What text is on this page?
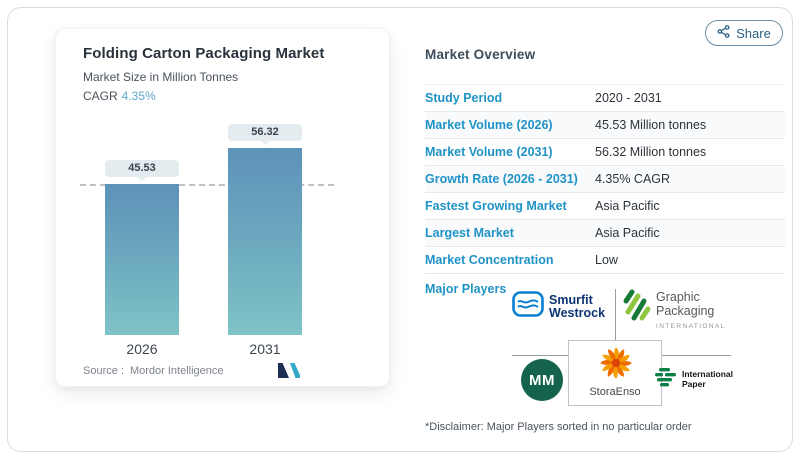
Folding Carton Packaging Market
Market Size in Million Tonnes
CAGR 4.35%
45.53
56.32
2026	2031
Source : Mordor Intelligence
Share
Market Overview
Study Period	2020 - 2031
Market Volume (2026)	45.53 Million tonnes
Market Volume (2031)	56.32 Million tonnes
Growth Rate (2026 - 2031)	4.35% CAGR
Fastest Growing Market	Asia Pacific
Largest Market	Asia Pacific
Market Concentration	Low
Major Players
Smurfit
Westrock
Graphic
Packaging
INTERNATIONAL
MM
StoraEnso
International
Paper
*Disclaimer: Major Players sorted in no particular order
